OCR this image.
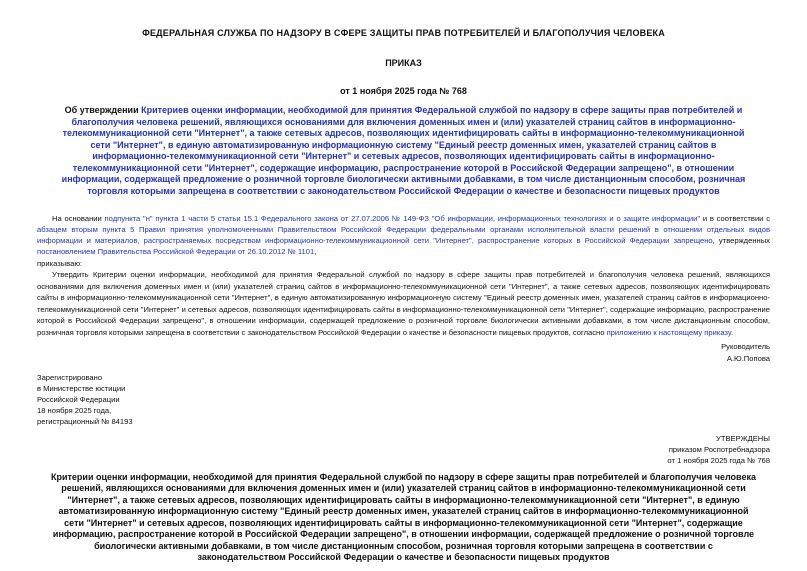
ФЕДЕРАЛЬНАЯ СЛУЖБА ПО НАДЗОРУ В СФЕРЕ ЗАЩИТЫ ПРАВ ПОТРЕБИТЕЛЕЙ И БЛАГОПОЛУЧИЯ ЧЕЛОВЕКА
ПРИКАЗ
от 1 ноября 2025 года № 768
Об утверждении Критериев оценки информации, необходимой для принятия Федеральной службой по надзору в сфере защиты прав потребителей и благополучия человека решений, являющихся основаниями для включения доменных имен и (или) указателей страниц сайтов в информационно-телекоммуникационной сети "Интернет", а также сетевых адресов, позволяющих идентифицировать сайты в информационно-телекоммуникационной сети "Интернет", в единую автоматизированную информационную систему "Единый реестр доменных имен, указателей страниц сайтов в информационно-телекоммуникационной сети "Интернет" и сетевых адресов, позволяющих идентифицировать сайты в информационно-телекоммуникационной сети "Интернет", содержащие информацию, распространение которой в Российской Федерации запрещено", в отношении информации, содержащей предложение о розничной торговле биологически активными добавками, в том числе дистанционным способом, розничная торговля которыми запрещена в соответствии с законодательством Российской Федерации о качестве и безопасности пищевых продуктов

На основании подпункта "н" пункта 1 части 5 статьи 15.1 Федерального закона от 27.07.2006 № 149-ФЗ "Об информации, информационных технологиях и о защите информации" и в соответствии с абзацем вторым пункта 5 Правил принятия уполномоченными Правительством Российской Федерации федеральными органами исполнительной власти решений в отношении отдельных видов информации и материалов, распространяемых посредством информационно-телекоммуникационной сети "Интернет", распространение которых в Российской Федерации запрещено, утвержденных постановлением Правительства Российской Федерации от 26.10.2012 № 1101,

приказываю:

Утвердить Критерии оценки информации, необходимой для принятия Федеральной службой по надзору в сфере защиты прав потребителей и благополучия человека решений, являющихся основаниями для включения доменных имен и (или) указателей страниц сайтов в информационно-телекоммуникационной сети "Интернет", а также сетевых адресов, позволяющих идентифицировать сайты в информационно-телекоммуникационной сети "Интернет", в единую автоматизированную информационную систему "Единый реестр доменных имен, указателей страниц сайтов в информационно-телекоммуникационной сети "Интернет" и сетевых адресов, позволяющих идентифицировать сайты в информационно-телекоммуникационной сети "Интернет", содержащие информацию, распространение которой в Российской Федерации запрещено", в отношении информации, содержащей предложение о розничной торговле биологически активными добавками, в том числе дистанционным способом, розничная торговля которыми запрещена в соответствии с законодательством Российской Федерации о качестве и безопасности пищевых продуктов, согласно приложению к настоящему приказу.

Руководитель
А.Ю.Попова
Зарегистрировано
в Министерстве юстиции
Российской Федерации
18 ноября 2025 года,
регистрационный № 84193
УТВЕРЖДЕНЫ
приказом Роспотребнадзора
от 1 ноября 2025 года № 768
Критерии оценки информации, необходимой для принятия Федеральной службой по надзору в сфере защиты прав потребителей и благополучия человека решений, являющихся основаниями для включения доменных имен и (или) указателей страниц сайтов в информационно-телекоммуникационной сети "Интернет", а также сетевых адресов, позволяющих идентифицировать сайты в информационно-телекоммуникационной сети "Интернет", в единую автоматизированную информационную систему "Единый реестр доменных имен, указателей страниц сайтов в информационно-телекоммуникационной сети "Интернет" и сетевых адресов, позволяющих идентифицировать сайты в информационно-телекоммуникационной сети "Интернет", содержащие информацию, распространение которой в Российской Федерации запрещено", в отношении информации, содержащей предложение о розничной торговле биологически активными добавками, в том числе дистанционным способом, розничная торговля которыми запрещена в соответствии с законодательством Российской Федерации о качестве и безопасности пищевых продуктов
